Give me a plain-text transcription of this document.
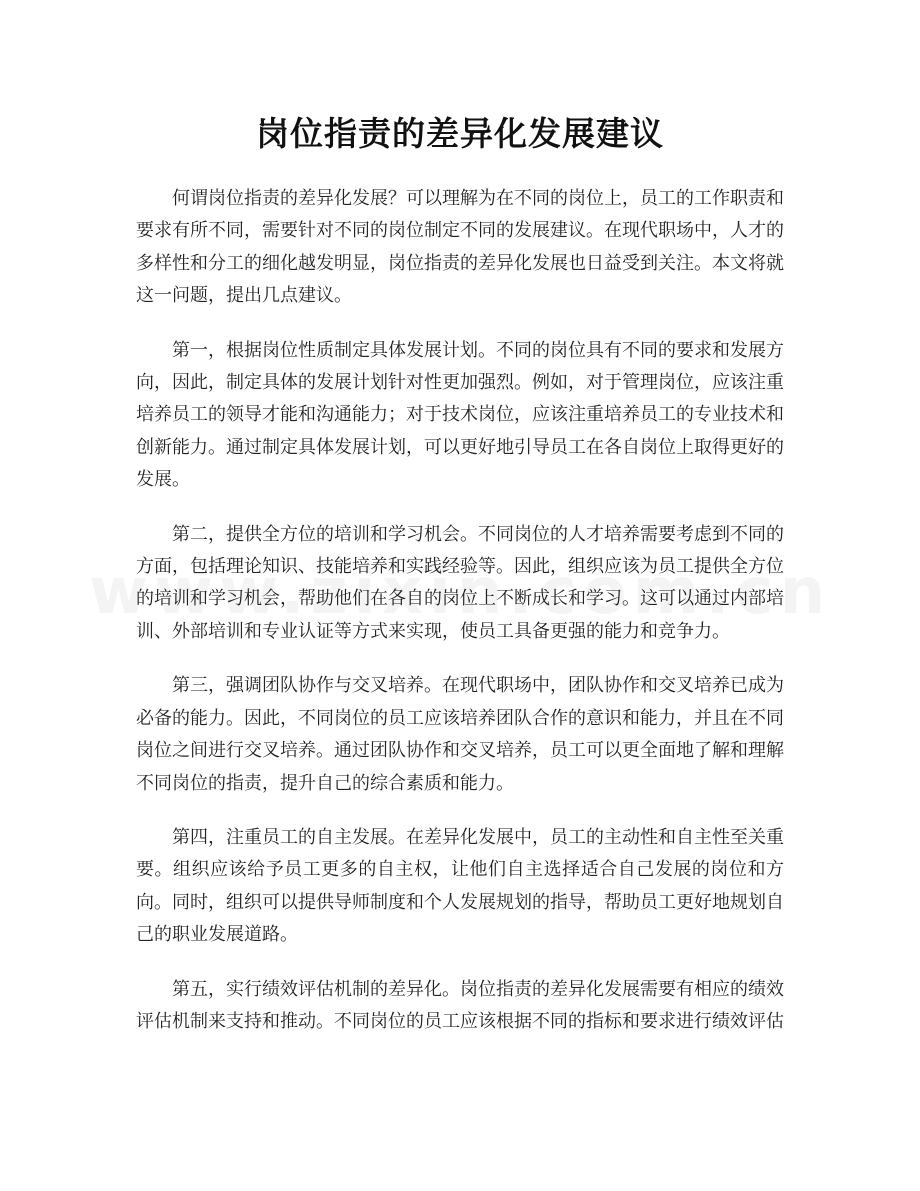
岗位指责的差异化发展建议

何谓岗位指责的差异化发展？可以理解为在不同的岗位上，员工的工作职责和要求有所不同，需要针对不同的岗位制定不同的发展建议。在现代职场中，人才的多样性和分工的细化越发明显，岗位指责的差异化发展也日益受到关注。本文将就这一问题，提出几点建议。

第一，根据岗位性质制定具体发展计划。不同的岗位具有不同的要求和发展方向，因此，制定具体的发展计划针对性更加强烈。例如，对于管理岗位，应该注重培养员工的领导才能和沟通能力；对于技术岗位，应该注重培养员工的专业技术和创新能力。通过制定具体发展计划，可以更好地引导员工在各自岗位上取得更好的发展。

第二，提供全方位的培训和学习机会。不同岗位的人才培养需要考虑到不同的方面，包括理论知识、技能培养和实践经验等。因此，组织应该为员工提供全方位的培训和学习机会，帮助他们在各自的岗位上不断成长和学习。这可以通过内部培训、外部培训和专业认证等方式来实现，使员工具备更强的能力和竞争力。

第三，强调团队协作与交叉培养。在现代职场中，团队协作和交叉培养已成为必备的能力。因此，不同岗位的员工应该培养团队合作的意识和能力，并且在不同岗位之间进行交叉培养。通过团队协作和交叉培养，员工可以更全面地了解和理解不同岗位的指责，提升自己的综合素质和能力。

第四，注重员工的自主发展。在差异化发展中，员工的主动性和自主性至关重要。组织应该给予员工更多的自主权，让他们自主选择适合自己发展的岗位和方向。同时，组织可以提供导师制度和个人发展规划的指导，帮助员工更好地规划自己的职业发展道路。

第五，实行绩效评估机制的差异化。岗位指责的差异化发展需要有相应的绩效评估机制来支持和推动。不同岗位的员工应该根据不同的指标和要求进行绩效评估
